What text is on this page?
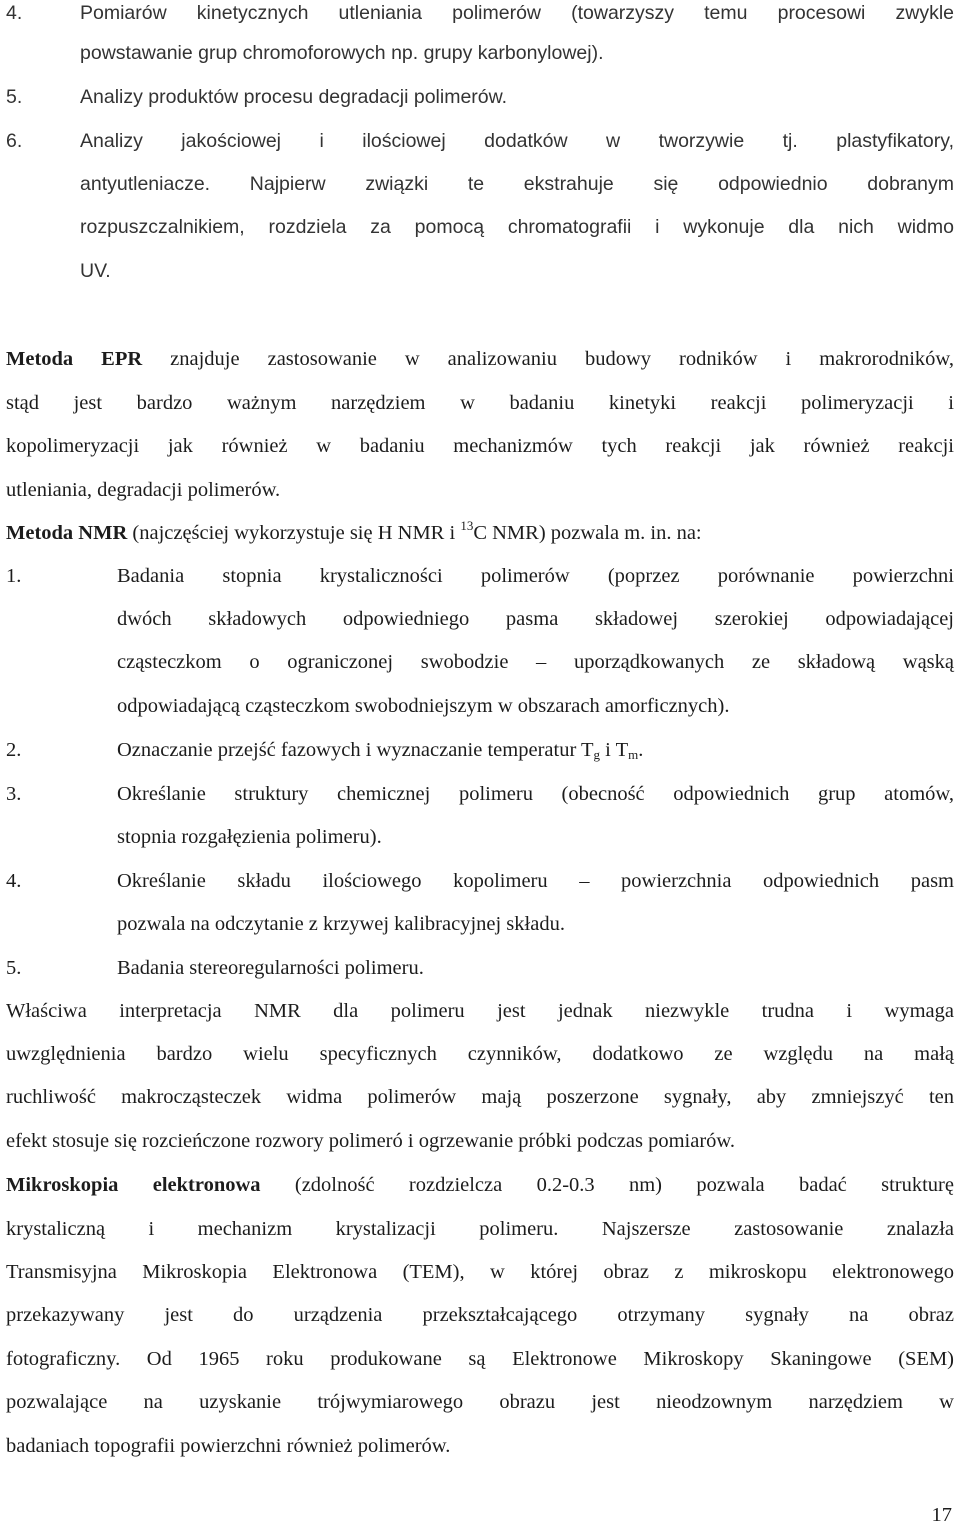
4.	Pomiarów kinetycznych utleniania polimerów (towarzyszy temu procesowi zwykle
powstawanie grup chromoforowych np. grupy karbonylowej).
5.	Analizy produktów procesu degradacji polimerów.
6.	Analizy jakościowej i ilościowej dodatków w tworzywie tj. plastyfikatory,
antyutleniacze. Najpierw związki te ekstrahuje się odpowiednio dobranym
rozpuszczalnikiem, rozdziela za pomocą chromatografii i wykonuje dla nich widmo
UV.
Metoda EPR znajduje zastosowanie w analizowaniu budowy rodników i makrorodników,
stąd jest bardzo ważnym narzędziem w badaniu kinetyki reakcji polimeryzacji i
kopolimeryzacji jak również w badaniu mechanizmów tych reakcji jak również reakcji
utleniania, degradacji polimerów.
Metoda NMR (najczęściej wykorzystuje się H NMR i $^{13}$C NMR) pozwala m. in. na:
1.	Badania stopnia krystaliczności polimerów (poprzez porównanie powierzchni
dwóch składowych odpowiedniego pasma składowej szerokiej odpowiadającej
cząsteczkom o ograniczonej swobodzie – uporządkowanych ze składową wąską
odpowiadającą cząsteczkom swobodniejszym w obszarach amorficznych).
2.	Oznaczanie przejść fazowych i wyznaczanie temperatur $T_g$ i $T_m$.
3.	Określanie struktury chemicznej polimeru (obecność odpowiednich grup atomów,
stopnia rozgałęzienia polimeru).
4.	Określanie składu ilościowego kopolimeru – powierzchnia odpowiednich pasm
pozwala na odczytanie z krzywej kalibracyjnej składu.
5.	Badania stereoregularności polimeru.
Właściwa interpretacja NMR dla polimeru jest jednak niezwykle trudna i wymaga
uwzględnienia bardzo wielu specyficznych czynników, dodatkowo ze względu na małą
ruchliwość makrocząsteczek widma polimerów mają poszerzone sygnały, aby zmniejszyć ten
efekt stosuje się rozcieńczone rozwory polimeró i ogrzewanie próbki podczas pomiarów.
Mikroskopia elektronowa (zdolność rozdzielcza 0.2-0.3 nm) pozwala badać strukturę
krystaliczną i mechanizm krystalizacji polimeru. Najszersze zastosowanie znalazła
Transmisyjna Mikroskopia Elektronowa (TEM), w której obraz z mikroskopu elektronowego
przekazywany jest do urządzenia przekształcającego otrzymany sygnały na obraz
fotograficzny. Od 1965 roku produkowane są Elektronowe Mikroskopy Skaningowe (SEM)
pozwalające na uzyskanie trójwymiarowego obrazu jest nieodzownym narzędziem w
badaniach topografii powierzchni również polimerów.
17
